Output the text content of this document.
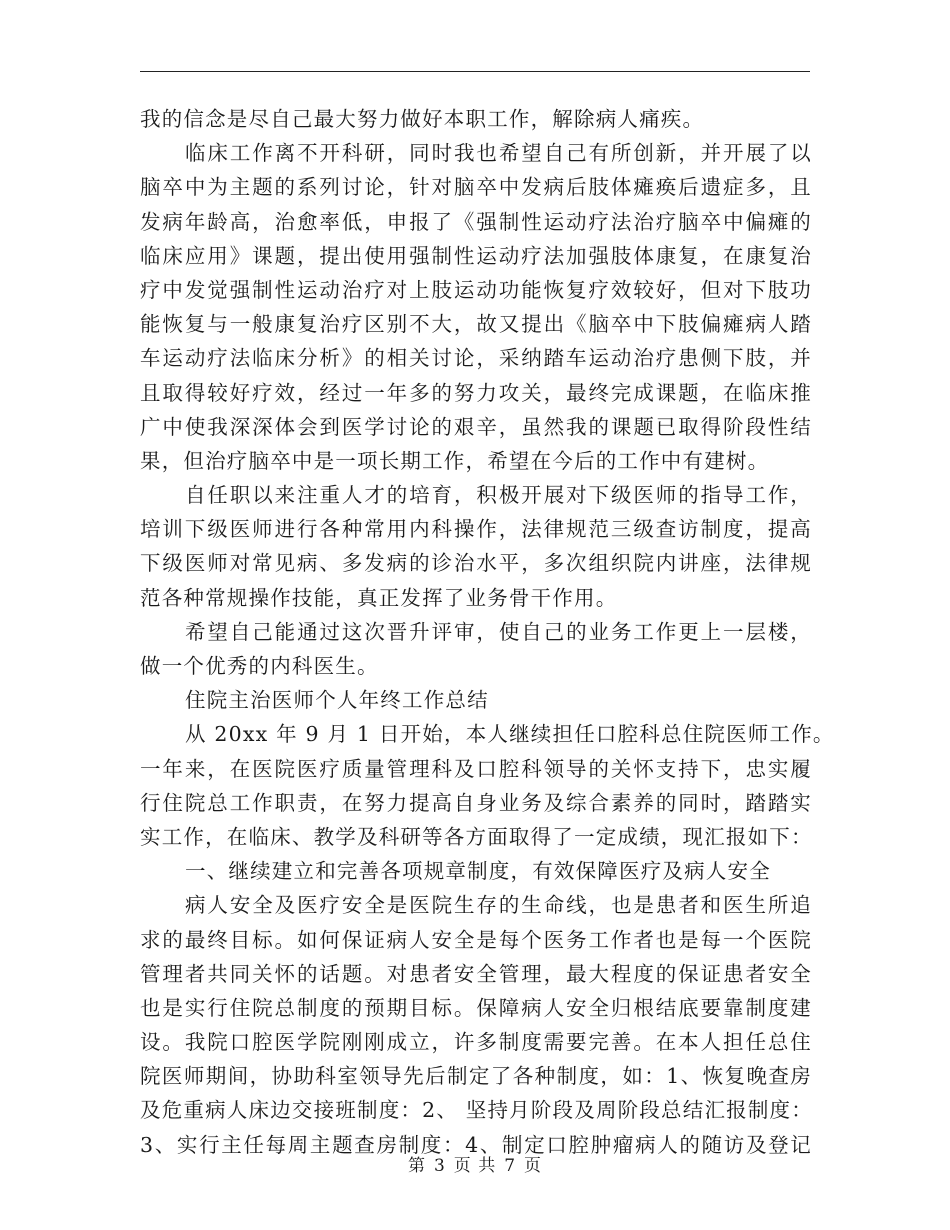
我的信念是尽自己最大努力做好本职工作，解除病人痛疾。
临床工作离不开科研，同时我也希望自己有所创新，并开展了以
脑卒中为主题的系列讨论，针对脑卒中发病后肢体瘫痪后遗症多，且
发病年龄高，治愈率低，申报了《强制性运动疗法治疗脑卒中偏瘫的
临床应用》课题，提出使用强制性运动疗法加强肢体康复，在康复治
疗中发觉强制性运动治疗对上肢运动功能恢复疗效较好，但对下肢功
能恢复与一般康复治疗区别不大，故又提出《脑卒中下肢偏瘫病人踏
车运动疗法临床分析》的相关讨论，采纳踏车运动治疗患侧下肢，并
且取得较好疗效，经过一年多的努力攻关，最终完成课题，在临床推
广中使我深深体会到医学讨论的艰辛，虽然我的课题已取得阶段性结
果，但治疗脑卒中是一项长期工作，希望在今后的工作中有建树。
自任职以来注重人才的培育，积极开展对下级医师的指导工作，
培训下级医师进行各种常用内科操作，法律规范三级查访制度，提高
下级医师对常见病、多发病的诊治水平，多次组织院内讲座，法律规
范各种常规操作技能，真正发挥了业务骨干作用。
希望自己能通过这次晋升评审，使自己的业务工作更上一层楼，
做一个优秀的内科医生。
住院主治医师个人年终工作总结
从 20xx 年 9 月 1 日开始，本人继续担任口腔科总住院医师工作。
一年来，在医院医疗质量管理科及口腔科领导的关怀支持下，忠实履
行住院总工作职责，在努力提高自身业务及综合素养的同时，踏踏实
实工作，在临床、教学及科研等各方面取得了一定成绩，现汇报如下：
一、继续建立和完善各项规章制度，有效保障医疗及病人安全
病人安全及医疗安全是医院生存的生命线，也是患者和医生所追
求的最终目标。如何保证病人安全是每个医务工作者也是每一个医院
管理者共同关怀的话题。对患者安全管理，最大程度的保证患者安全
也是实行住院总制度的预期目标。保障病人安全归根结底要靠制度建
设。我院口腔医学院刚刚成立，许多制度需要完善。在本人担任总住
院医师期间，协助科室领导先后制定了各种制度，如：1、恢复晚查房
及危重病人床边交接班制度：2、 坚持月阶段及周阶段总结汇报制度：
3、实行主任每周主题查房制度：4、制定口腔肿瘤病人的随访及登记
第 3 页 共 7 页
